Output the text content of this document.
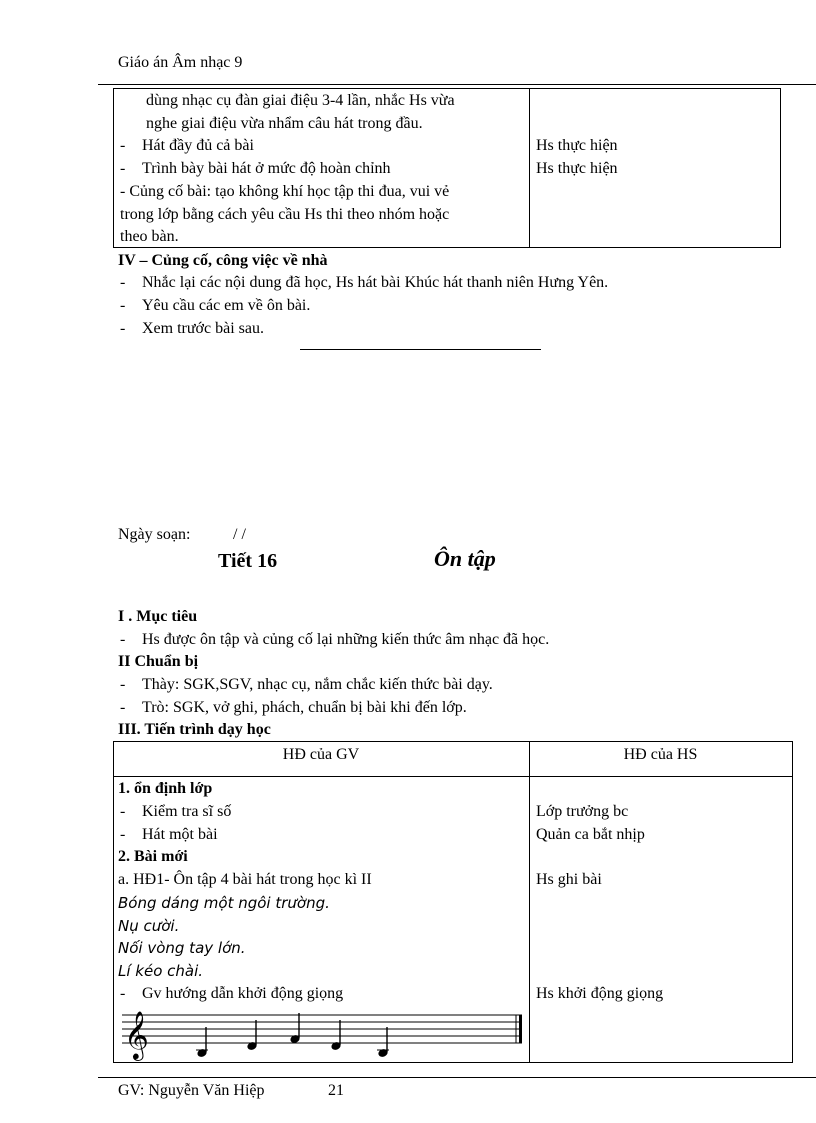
Giáo án Âm nhạc 9
dùng nhạc cụ đàn giai điệu 3-4 lần, nhắc Hs vừa
nghe giai điệu vừa nhẩm câu hát trong đầu.
- Hát đầy đủ cả bài	Hs thực hiện
- Trình bày bài hát ở mức độ hoàn chỉnh	Hs thực hiện
- Củng cố bài: tạo không khí học tập thi đua, vui vẻ
trong lớp bằng cách yêu cầu Hs thi theo nhóm hoặc
theo bàn.
IV – Củng cố, công việc về nhà
- Nhắc lại các nội dung đã học, Hs hát bài Khúc hát thanh niên Hưng Yên.
- Yêu cầu các em về ôn bài.
- Xem trước bài sau.
Ngày soạn:	/ /
Tiết 16	Ôn tập
I . Mục tiêu
- Hs được ôn tập và củng cố lại những kiến thức âm nhạc đã học.
II Chuẩn bị
- Thày: SGK,SGV, nhạc cụ, nắm chắc kiến thức bài dạy.
- Trò: SGK, vở ghi, phách, chuẩn bị bài khi đến lớp.
III. Tiến trình dạy học
HĐ của GV	HĐ của HS
1. ổn định lớp
- Kiểm tra sĩ số	Lớp trưởng bc
- Hát một bài	Quản ca bắt nhịp
2. Bài mới
a. HĐ1- Ôn tập 4 bài hát trong học kì II	Hs ghi bài
Bóng dáng một ngôi trường.
Nụ cười.
Nối vòng tay lớn.
Lí kéo chài.
- Gv hướng dẫn khởi động giọng	Hs khởi động giọng
𝄞
GV: Nguyễn Văn Hiệp	21
